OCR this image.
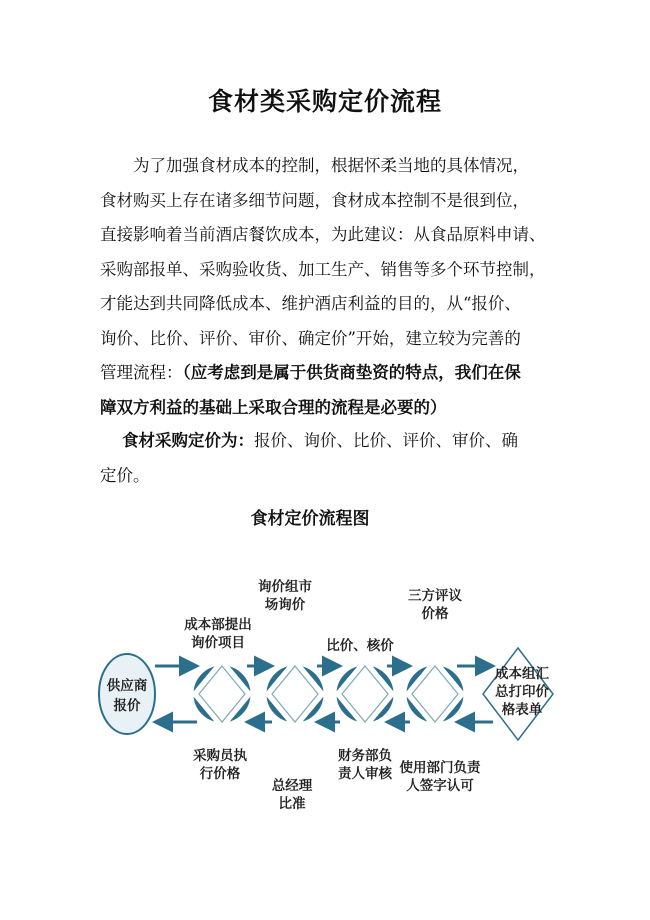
食材类采购定价流程
为了加强食材成本的控制，根据怀柔当地的具体情况，
食材购买上存在诸多细节问题，食材成本控制不是很到位，
直接影响着当前酒店餐饮成本，为此建议：从食品原料申请、
采购部报单、采购验收货、加工生产、销售等多个环节控制，
才能达到共同降低成本、维护酒店利益的目的，从“报价、
询价、比价、评价、审价、确定价”开始，建立较为完善的
管理流程：（应考虑到是属于供货商垫资的特点，我们在保
障双方利益的基础上采取合理的流程是必要的）
食材采购定价为：报价、询价、比价、评价、审价、确
定价。
食材定价流程图
成本部提出
询价项目
询价组市
场询价
比价、核价
三方评议
价格
供应商
报价
成本组汇
总打印价
格表单
采购员执
行价格
总经理
比准
财务部负
责人审核 使用部门负责
人签字认可
